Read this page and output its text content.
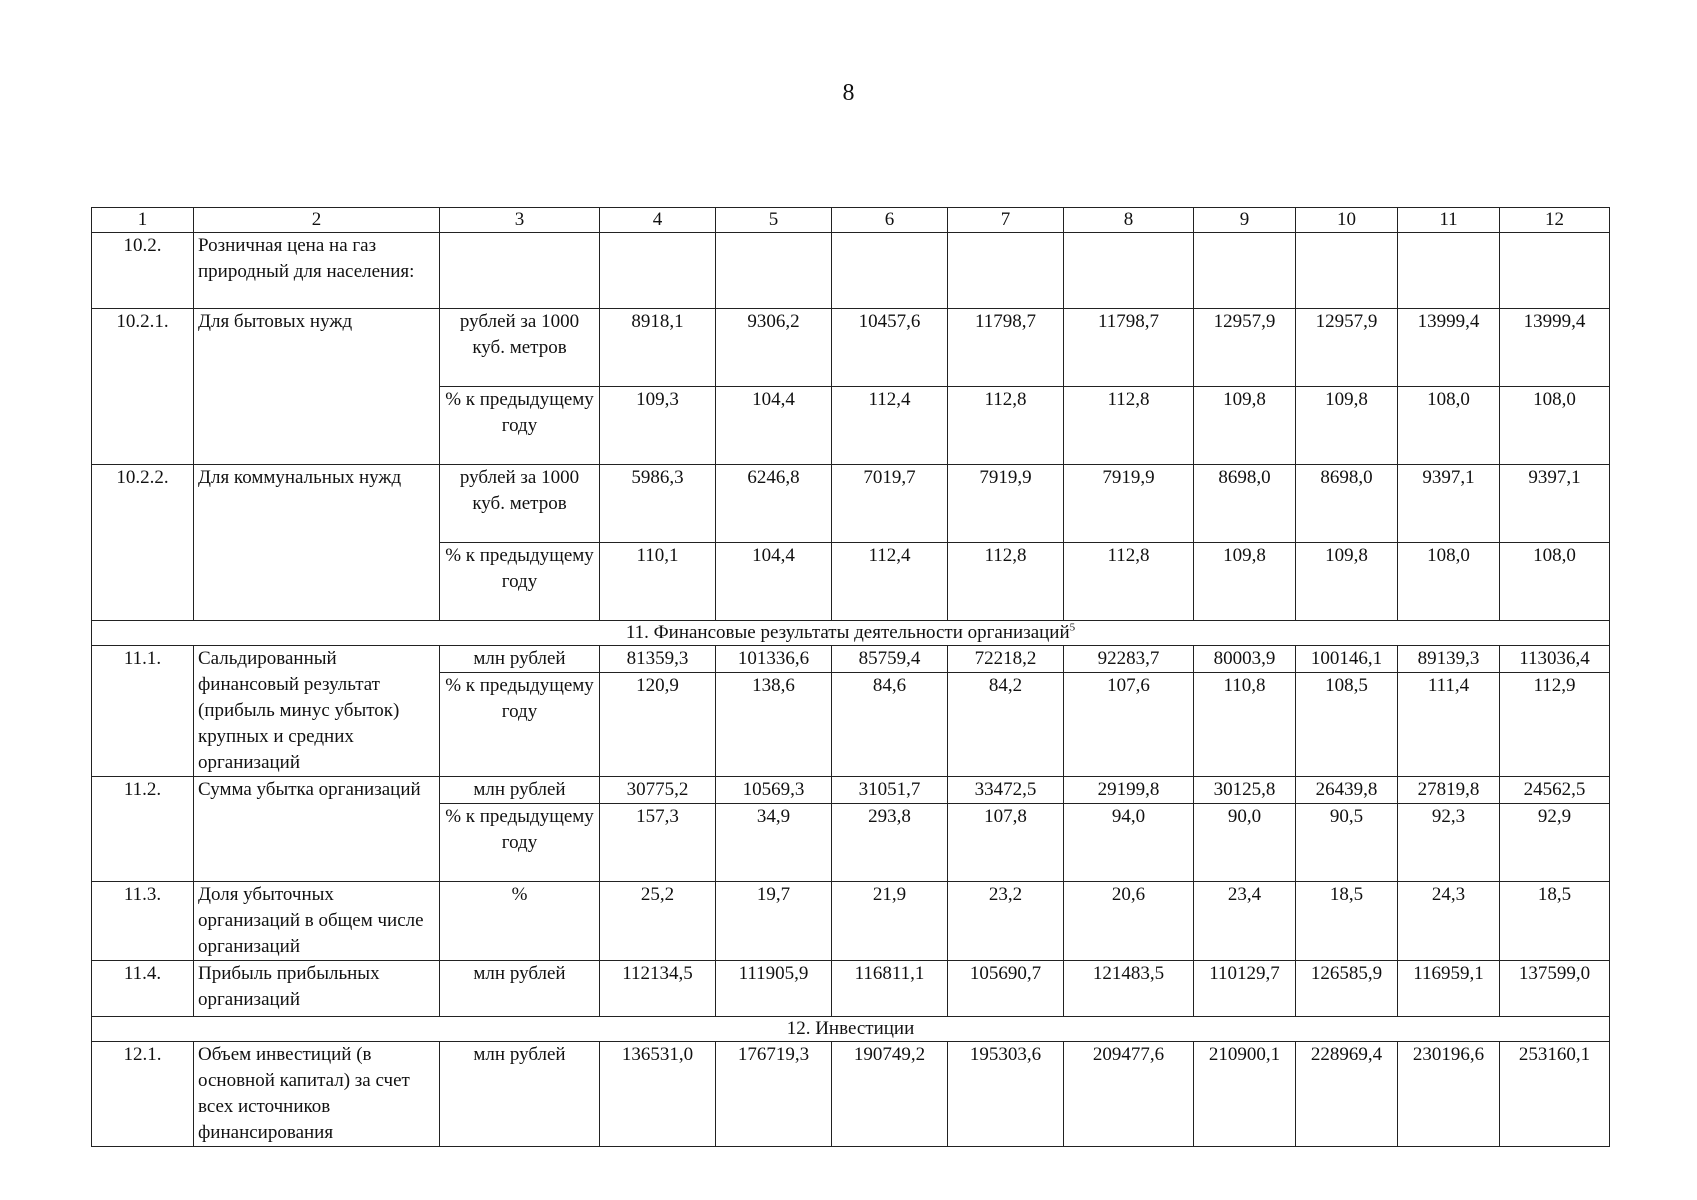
8
1	2	3	4	5	6	7	8	9	10	11	12
10.2.	Розничная цена на газ природный для населения:										
10.2.1.	Для бытовых нужд	рублей за 1000 куб. метров	8918,1	9306,2	10457,6	11798,7	11798,7	12957,9	12957,9	13999,4	13999,4
		% к предыдущему году	109,3	104,4	112,4	112,8	112,8	109,8	109,8	108,0	108,0
10.2.2.	Для коммунальных нужд	рублей за 1000 куб. метров	5986,3	6246,8	7019,7	7919,9	7919,9	8698,0	8698,0	9397,1	9397,1
		% к предыдущему году	110,1	104,4	112,4	112,8	112,8	109,8	109,8	108,0	108,0
11. Финансовые результаты деятельности организаций$^5$
11.1.	Сальдированный финансовый результат (прибыль минус убыток) крупных и средних организаций	млн рублей	81359,3	101336,6	85759,4	72218,2	92283,7	80003,9	100146,1	89139,3	113036,4
		% к предыдущему году	120,9	138,6	84,6	84,2	107,6	110,8	108,5	111,4	112,9
11.2.	Сумма убытка организаций	млн рублей	30775,2	10569,3	31051,7	33472,5	29199,8	30125,8	26439,8	27819,8	24562,5
		% к предыдущему году	157,3	34,9	293,8	107,8	94,0	90,0	90,5	92,3	92,9
11.3.	Доля убыточных организаций в общем числе организаций	%	25,2	19,7	21,9	23,2	20,6	23,4	18,5	24,3	18,5
11.4.	Прибыль прибыльных организаций	млн рублей	112134,5	111905,9	116811,1	105690,7	121483,5	110129,7	126585,9	116959,1	137599,0
12. Инвестиции											
12.1.	Объем инвестиций (в основной капитал) за счет всех источников финансирования	млн рублей	136531,0	176719,3	190749,2	195303,6	209477,6	210900,1	228969,4	230196,6	253160,1
